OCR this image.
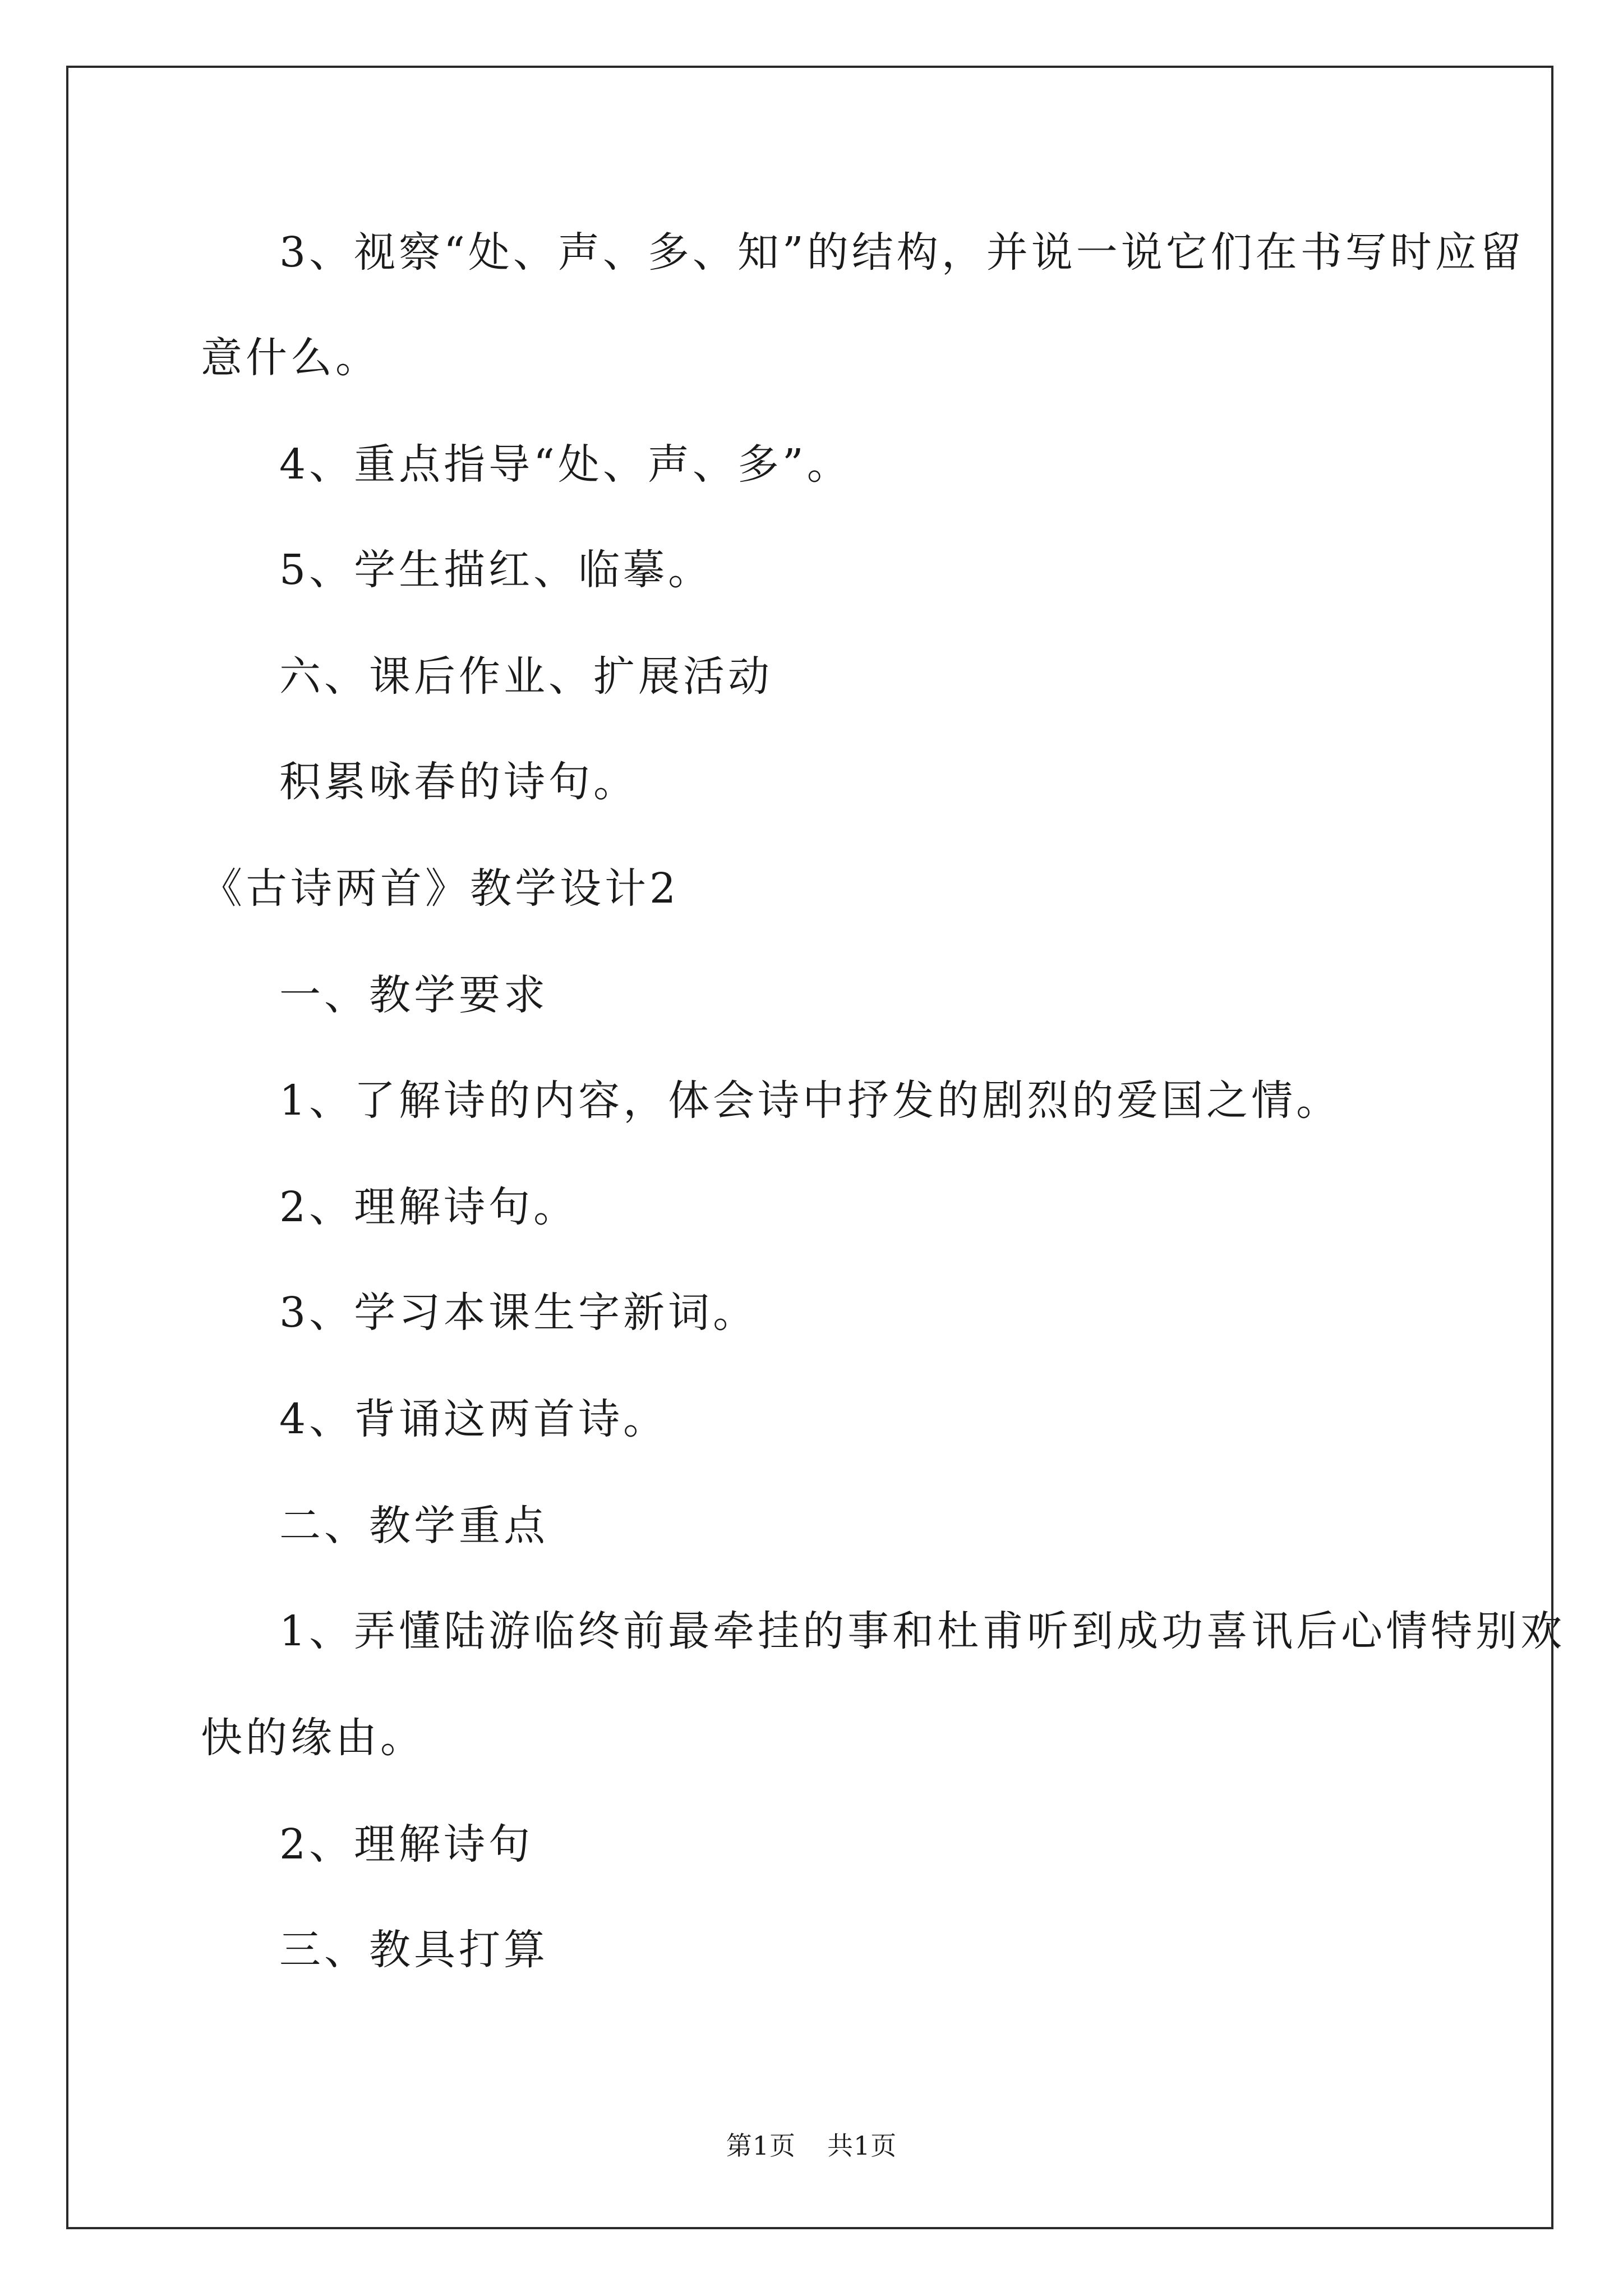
3、视察“处、声、多、知”的结构，并说一说它们在书写时应留
意什么。
4、重点指导“处、声、多”。
5、学生描红、临摹。
六、课后作业、扩展活动
积累咏春的诗句。
《古诗两首》教学设计2
一、教学要求
1、了解诗的内容，体会诗中抒发的剧烈的爱国之情。
2、理解诗句。
3、学习本课生字新词。
4、背诵这两首诗。
二、教学重点
1、弄懂陆游临终前最牵挂的事和杜甫听到成功喜讯后心情特别欢
快的缘由。
2、理解诗句
三、教具打算
第1页 共1页
